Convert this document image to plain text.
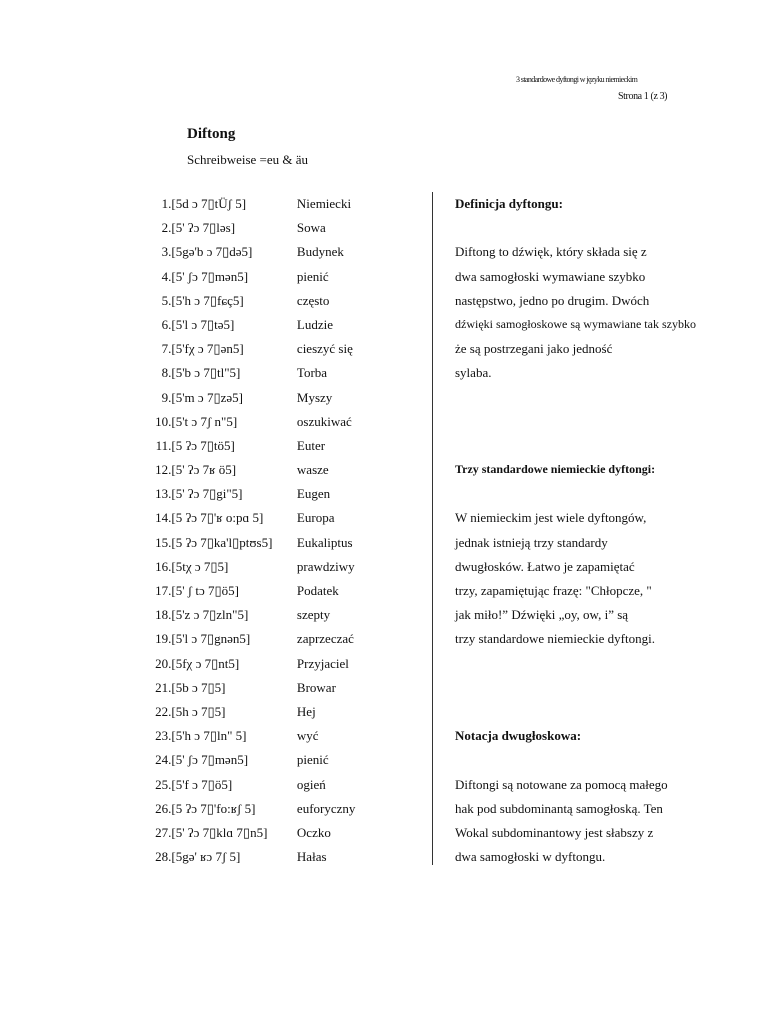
3 standardowe dyftongi w języku niemieckim
Strona 1 (z 3)
Diftong
Schreibweise =eu & äu
1. [5d ɔ 7▯tÜʃ 5]	Niemiecki
2. [5' ʔɔ 7▯ləs]	Sowa
3. [5gə'b ɔ 7▯də5]	Budynek
4. [5' ʃɔ 7▯mən5]	pienić
5. [5'h ɔ 7▯fɕç5]	często
6. [5'l ɔ 7▯tə5]	Ludzie
7. [5'fχ ɔ 7▯ən5]	cieszyć się
8. [5'b ɔ 7▯tl"5]	Torba
9. [5'm ɔ 7▯zə5]	Myszy
10. [5't ɔ 7ʃ n"5]	oszukiwać
11. [5 ʔɔ 7▯tö5]	Euter
12. [5' ʔɔ 7ʁ ö5]	wasze
13. [5' ʔɔ 7▯gi"5]	Eugen
14. [5 ʔɔ 7▯'ʁ o:pɑ 5]	Europa
15. [5 ʔɔ 7▯ka'l▯ptʊs5]	Eukaliptus
16. [5tχ ɔ 7▯5]	prawdziwy
17. [5' ʃ tɔ 7▯ö5]	Podatek
18. [5'z ɔ 7▯zln"5]	szepty
19. [5'l ɔ 7▯gnən5]	zaprzeczać
20. [5fχ ɔ 7▯nt5]	Przyjaciel
21. [5b ɔ 7▯5]	Browar
22. [5h ɔ 7▯5]	Hej
23. [5'h ɔ 7▯ln" 5]	wyć
24. [5' ʃɔ 7▯mən5]	pienić
25. [5'f ɔ 7▯ö5]	ogień
26. [5 ʔɔ 7▯'fo:ʁʃ 5]	euforyczny
27. [5' ʔɔ 7▯klɑ 7▯n5]	Oczko
28. [5gə' ʁɔ 7ʃ 5]	Hałas
Definicja dyftongu:
Diftong to dźwięk, który składa się z
dwa samogłoski wymawiane szybko
następstwo, jedno po drugim. Dwóch
dźwięki samogłoskowe są wymawiane tak szybko
że są postrzegani jako jedność
sylaba.
Trzy standardowe niemieckie dyftongi:
W niemieckim jest wiele dyftongów,
jednak istnieją trzy standardy
dwugłosków. Łatwo je zapamiętać
trzy, zapamiętując frazę: "Chłopcze, "
jak miło!” Dźwięki „oy, ow, i” są
trzy standardowe niemieckie dyftongi.
Notacja dwugłoskowa:
Diftongi są notowane za pomocą małego
hak pod subdominantą samogłoską. Ten
Wokal subdominantowy jest słabszy z
dwa samogłoski w dyftongu.
